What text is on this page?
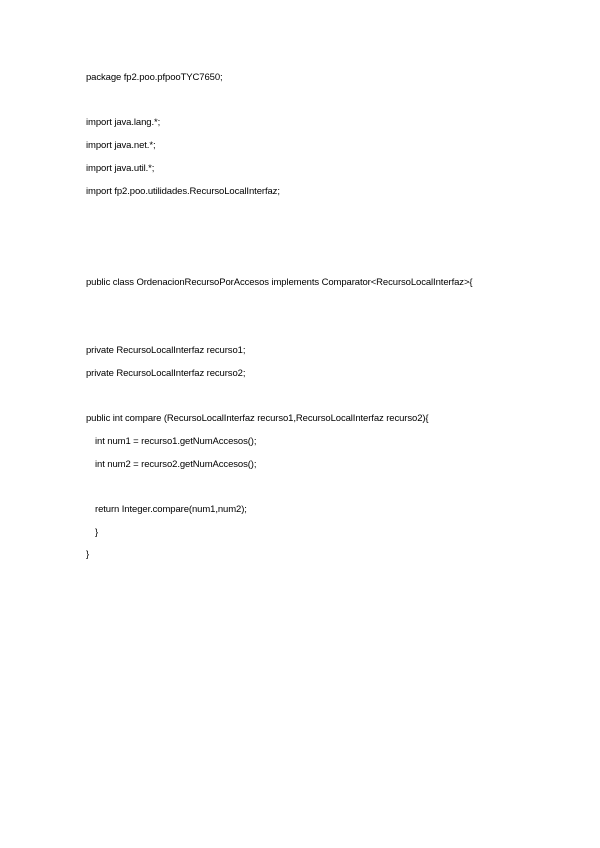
package fp2.poo.pfpooTYC7650;
import java.lang.*;
import java.net.*;
import java.util.*;
import fp2.poo.utilidades.RecursoLocalInterfaz;
public class OrdenacionRecursoPorAccesos implements Comparator<RecursoLocalInterfaz>{
private RecursoLocalInterfaz recurso1;
private RecursoLocalInterfaz recurso2;
public int compare (RecursoLocalInterfaz recurso1,RecursoLocalInterfaz recurso2){
int num1 = recurso1.getNumAccesos();
int num2 = recurso2.getNumAccesos();
return Integer.compare(num1,num2);
}
}
